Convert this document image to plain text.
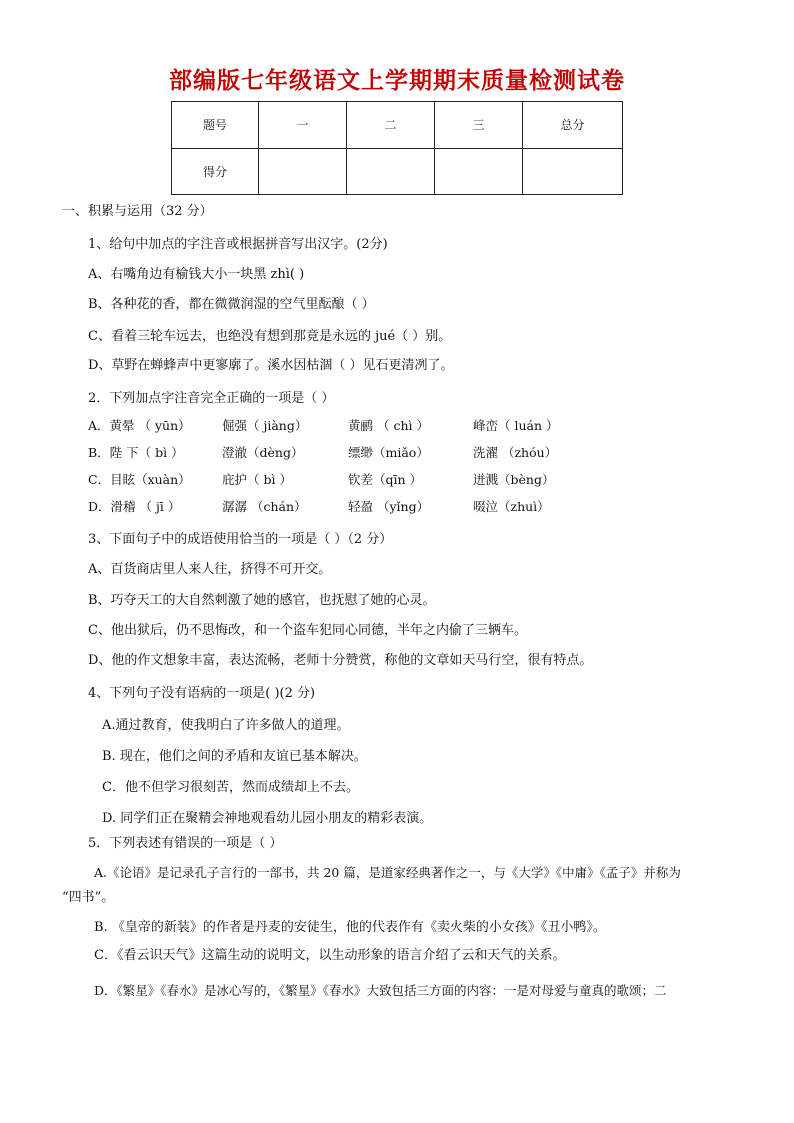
部编版七年级语文上学期期末质量检测试卷
题号	一	二	三	总分
得分				
一、积累与运用（32 分）
1、给句中加点的字注音或根据拼音写出汉字。(2分)
A、右嘴角边有榆钱大小一块黑 zhì( )
B、各种花的香，都在微微润湿的空气里酝酿（ ）
C、看着三轮车远去，也绝没有想到那竟是永远的 jué（ ）别。
D、草野在蝉蜂声中更寥廓了。溪水因枯涸（ ）见石更清冽了。
2．下列加点字注音完全正确的一项是（ ）
A．黄晕 （ yūn）	倔强（ jiàng）	黄鹂 （ chì ）	峰峦（ luán ）
B．陛 下（ bì ）	澄澈（dèng）	缥缈（miǎo）	洗濯 （zhóu）
C．目眩（xuàn）	庇护（ bì ）	钦差（qīn ）	迸溅（bèng）
D．滑稽 （ jī ）	潺潺 （chán）	轻盈 （yǐng）	啜泣（zhuì）
3、下面句子中的成语使用恰当的一项是（ ）（2 分）
A、百货商店里人来人往，挤得不可开交。
B、巧夺天工的大自然刺激了她的感官，也抚慰了她的心灵。
C、他出狱后，仍不思悔改，和一个盗车犯同心同德，半年之内偷了三辆车。
D、他的作文想象丰富，表达流畅，老师十分赞赏，称他的文章如天马行空，很有特点。
4、下列句子没有语病的一项是( )(2 分)
A.通过教育，使我明白了许多做人的道理。
B. 现在，他们之间的矛盾和友谊已基本解决。
C．他不但学习很刻苦，然而成绩却上不去。
D. 同学们正在聚精会神地观看幼儿园小朋友的精彩表演。
5．下列表述有错误的一项是（ ）
A.《论语》是记录孔子言行的一部书，共 20 篇，是道家经典著作之一，与《大学》《中庸》《孟子》并称为
“四书”。
B. 《皇帝的新装》的作者是丹麦的安徒生，他的代表作有《卖火柴的小女孩》《丑小鸭》。
C．《看云识天气》这篇生动的说明文，以生动形象的语言介绍了云和天气的关系。
D．《繁星》《春水》是冰心写的，《繁星》《春水》大致包括三方面的内容：一是对母爱与童真的歌颂；二
